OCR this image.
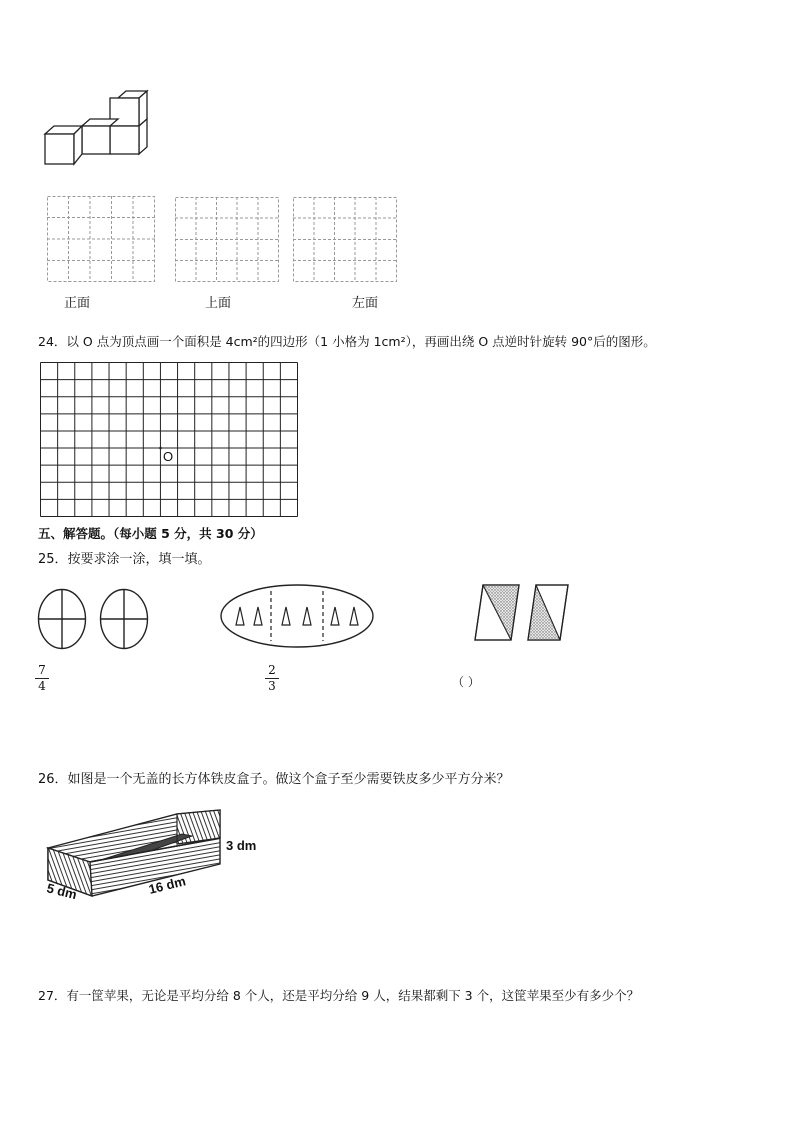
正面	上面	左面
24．以 O 点为顶点画一个面积是 4cm²的四边形（1 小格为 1cm²），再画出绕 O 点逆时针旋转 90°后的图形。
O
五、解答题。（每小题 5 分，共 30 分）
25．按要求涂一涂，填一填。
7
4
2
3	（ ）
26．如图是一个无盖的长方体铁皮盒子。做这个盒子至少需要铁皮多少平方分米？
3 dm
5 dm	16 dm
27．有一筐苹果，无论是平均分给 8 个人，还是平均分给 9 人，结果都剩下 3 个，这筐苹果至少有多少个？
